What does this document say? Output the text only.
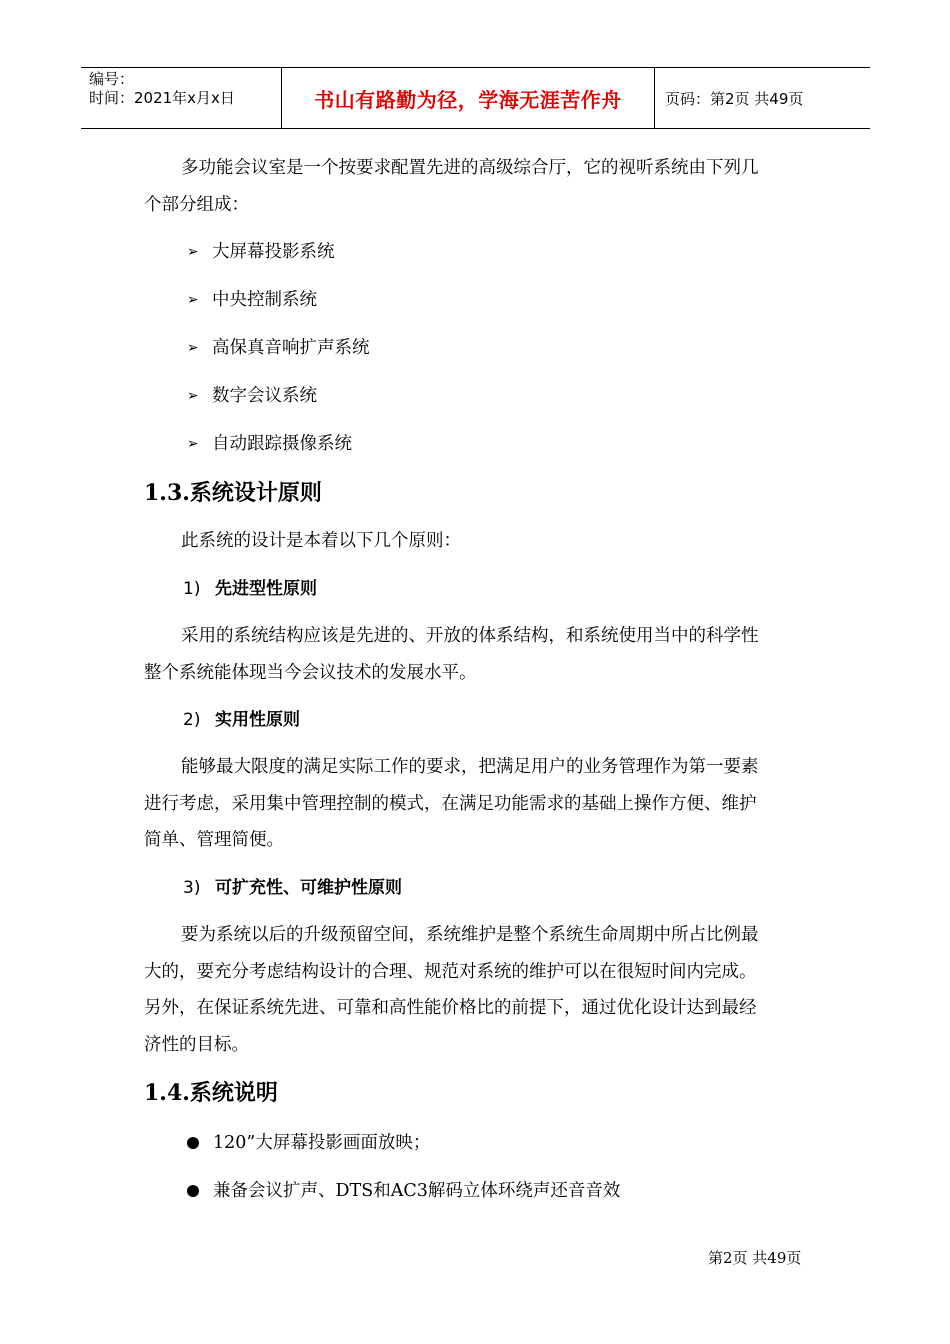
编号：
时间：2021年x月x日	书山有路勤为径，学海无涯苦作舟	页码：第2页 共49页
多功能会议室是一个按要求配置先进的高级综合厅，它的视听系统由下列几
个部分组成：
➢ 大屏幕投影系统
➢ 中央控制系统
➢ 高保真音响扩声系统
➢ 数字会议系统
➢ 自动跟踪摄像系统
1.3.系统设计原则
此系统的设计是本着以下几个原则：
1) 先进型性原则
采用的系统结构应该是先进的、开放的体系结构，和系统使用当中的科学性
整个系统能体现当今会议技术的发展水平。
2) 实用性原则
能够最大限度的满足实际工作的要求，把满足用户的业务管理作为第一要素
进行考虑，采用集中管理控制的模式，在满足功能需求的基础上操作方便、维护
简单、管理简便。
3) 可扩充性、可维护性原则
要为系统以后的升级预留空间，系统维护是整个系统生命周期中所占比例最
大的，要充分考虑结构设计的合理、规范对系统的维护可以在很短时间内完成。
另外，在保证系统先进、可靠和高性能价格比的前提下，通过优化设计达到最经
济性的目标。
1.4.系统说明
120”大屏幕投影画面放映；
兼备会议扩声、DTS和AC3解码立体环绕声还音音效
第2页 共49页
